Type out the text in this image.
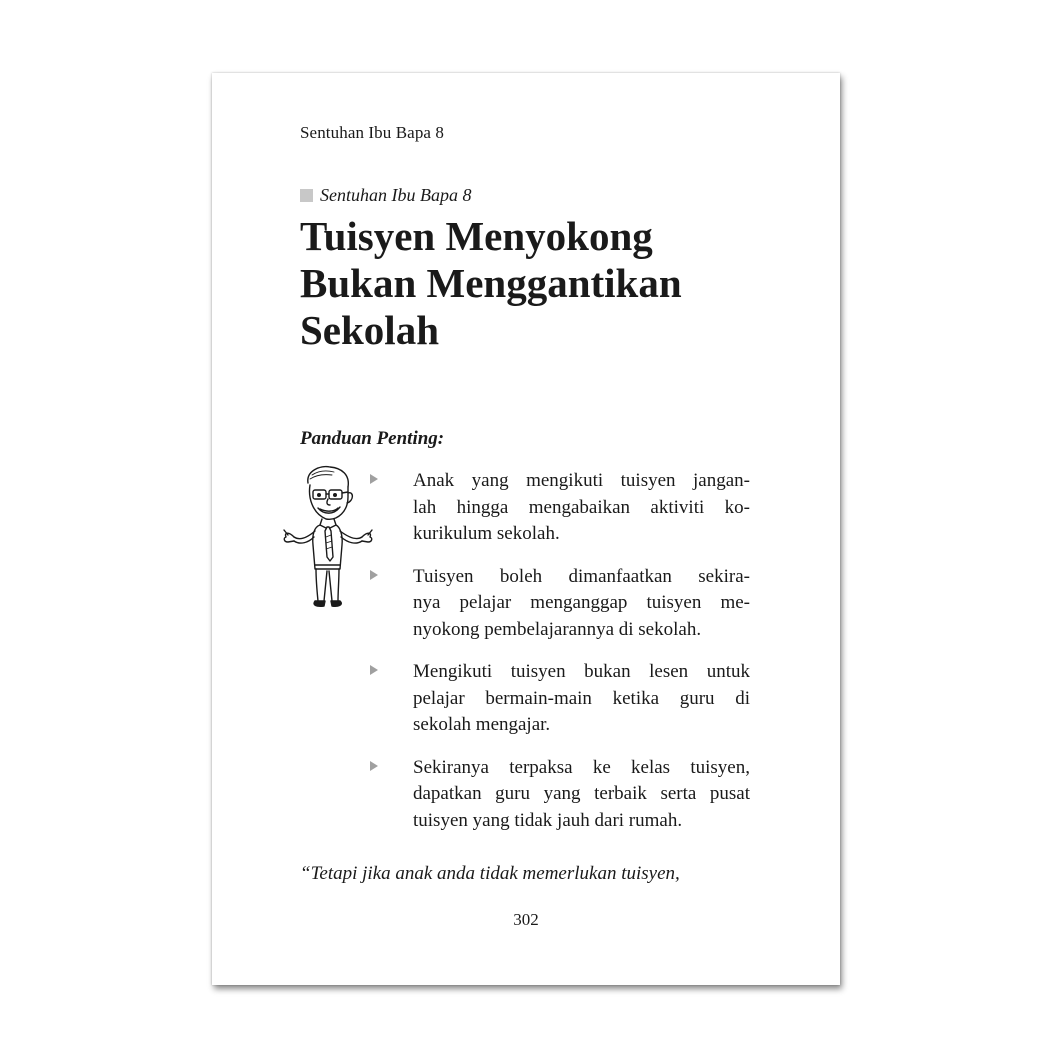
Sentuhan Ibu Bapa 8
Sentuhan Ibu Bapa 8
Tuisyen Menyokong
Bukan Menggantikan
Sekolah
Panduan Penting:
Anak yang mengikuti tuisyen jangan-
lah hingga mengabaikan aktiviti ko-
kurikulum sekolah.
Tuisyen boleh dimanfaatkan sekira-
nya pelajar menganggap tuisyen me-
nyokong pembelajarannya di sekolah.
Mengikuti tuisyen bukan lesen untuk
pelajar bermain-main ketika guru di
sekolah mengajar.
Sekiranya terpaksa ke kelas tuisyen,
dapatkan guru yang terbaik serta pusat
tuisyen yang tidak jauh dari rumah.
“Tetapi jika anak anda tidak memerlukan tuisyen,
302
